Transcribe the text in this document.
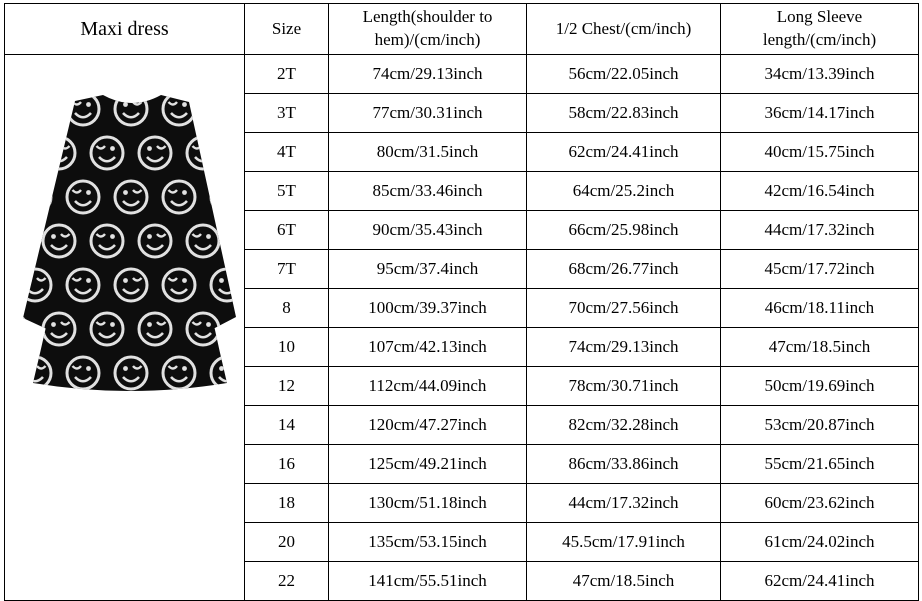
Maxi dress	Size	Length(shoulder to hem)/(cm/inch)	1/2 Chest/(cm/inch)	Long Sleeve length/(cm/inch)

	2T	74cm/29.13inch	56cm/22.05inch	34cm/13.39inch
	3T	77cm/30.31inch	58cm/22.83inch	36cm/14.17inch
	4T	80cm/31.5inch	62cm/24.41inch	40cm/15.75inch
	5T	85cm/33.46inch	64cm/25.2inch	42cm/16.54inch
	6T	90cm/35.43inch	66cm/25.98inch	44cm/17.32inch
	7T	95cm/37.4inch	68cm/26.77inch	45cm/17.72inch
	8	100cm/39.37inch	70cm/27.56inch	46cm/18.11inch
	10	107cm/42.13inch	74cm/29.13inch	47cm/18.5inch
	12	112cm/44.09inch	78cm/30.71inch	50cm/19.69inch
	14	120cm/47.27inch	82cm/32.28inch	53cm/20.87inch
	16	125cm/49.21inch	86cm/33.86inch	55cm/21.65inch
	18	130cm/51.18inch	44cm/17.32inch	60cm/23.62inch
	20	135cm/53.15inch	45.5cm/17.91inch	61cm/24.02inch
	22	141cm/55.51inch	47cm/18.5inch	62cm/24.41inch
